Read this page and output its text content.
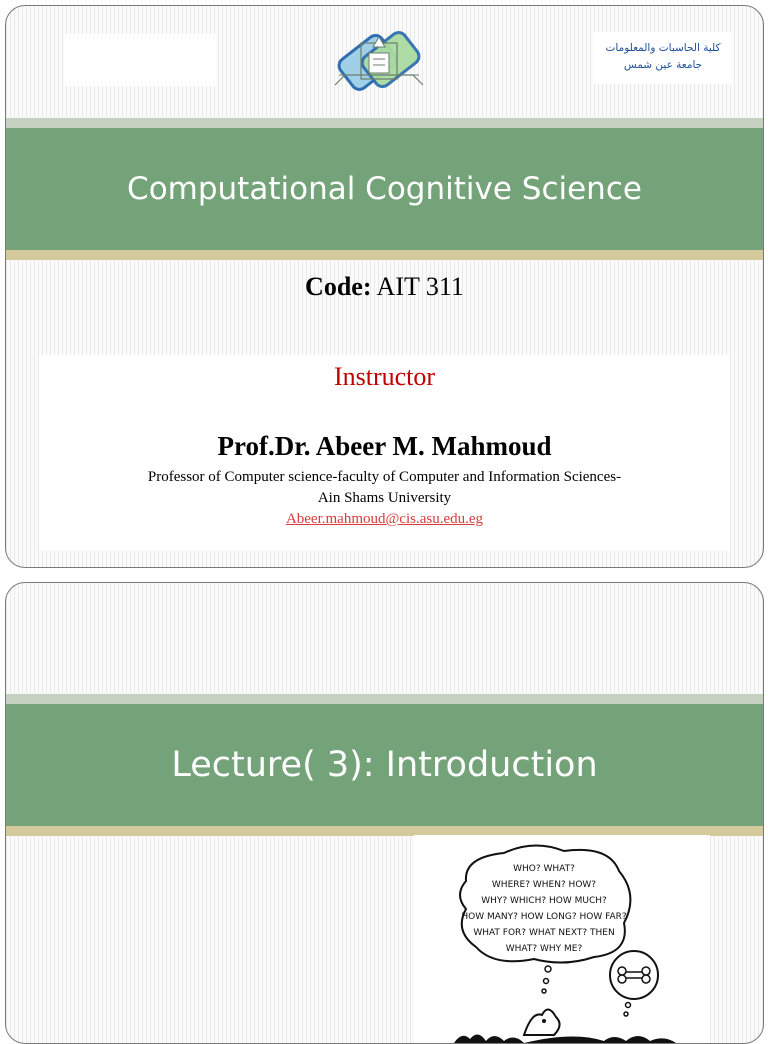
كلية الحاسبات والمعلومات
جامعة عين شمس
Computational Cognitive Science
Code: AIT 311
Instructor
Prof.Dr. Abeer M. Mahmoud
Professor of Computer science-faculty of Computer and Information Sciences-
Ain Shams University
Abeer.mahmoud@cis.asu.edu.eg
Lecture( 3): Introduction
WHO? WHAT?
WHERE? WHEN? HOW?
WHY? WHICH? HOW MUCH?
HOW MANY? HOW LONG? HOW FAR?
WHAT FOR? WHAT NEXT? THEN
WHAT? WHY ME?
